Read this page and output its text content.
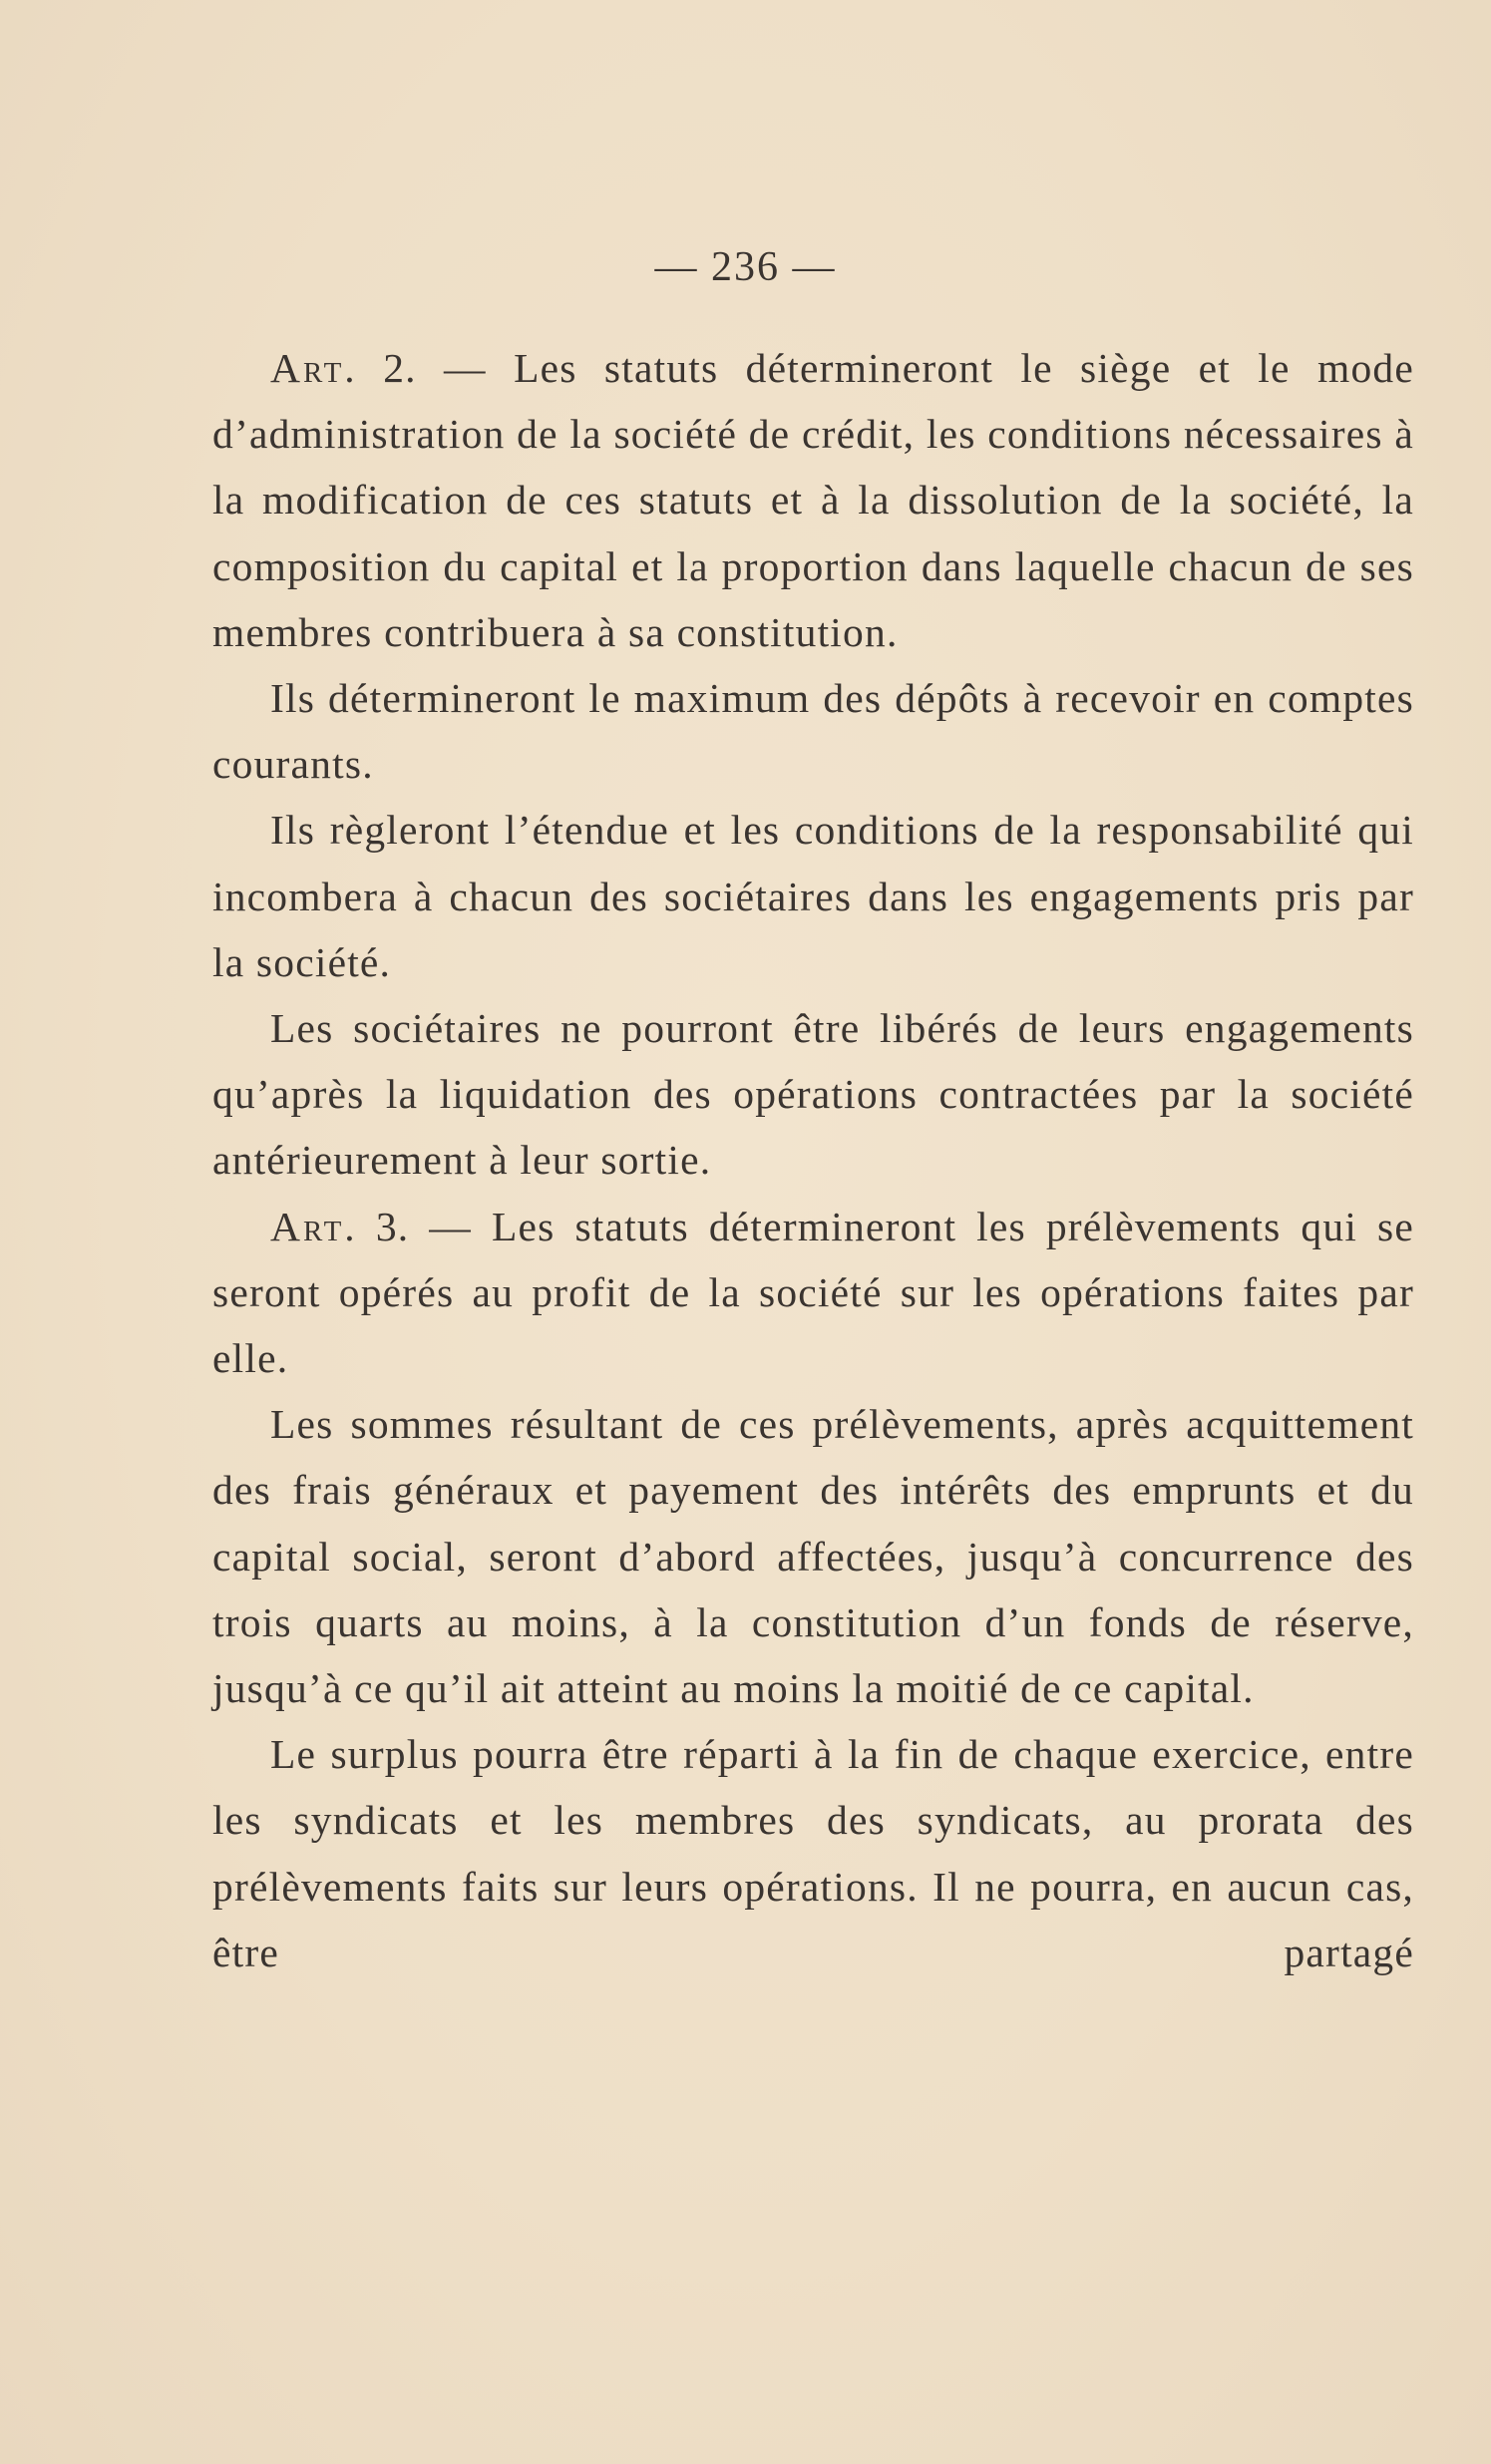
— 236 —

Art. 2. — Les statuts détermineront le siège et le mode d’administration de la société de crédit, les conditions nécessaires à la modification de ces statuts et à la dissolution de la société, la composition du capital et la proportion dans laquelle chacun de ses membres contribuera à sa constitution.

Ils détermineront le maximum des dépôts à recevoir en comptes courants.

Ils règleront l’étendue et les conditions de la responsabilité qui incombera à chacun des sociétaires dans les engagements pris par la société.

Les sociétaires ne pourront être libérés de leurs engagements qu’après la liquidation des opérations contractées par la société antérieurement à leur sortie.

Art. 3. — Les statuts détermineront les prélèvements qui se seront opérés au profit de la société sur les opérations faites par elle.

Les sommes résultant de ces prélèvements, après acquittement des frais généraux et payement des intérêts des emprunts et du capital social, seront d’abord affectées, jusqu’à concurrence des trois quarts au moins, à la constitution d’un fonds de réserve, jusqu’à ce qu’il ait atteint au moins la moitié de ce capital.

Le surplus pourra être réparti à la fin de chaque exercice, entre les syndicats et les membres des syndicats, au prorata des prélèvements faits sur leurs opérations. Il ne pourra, en aucun cas, être partagé
